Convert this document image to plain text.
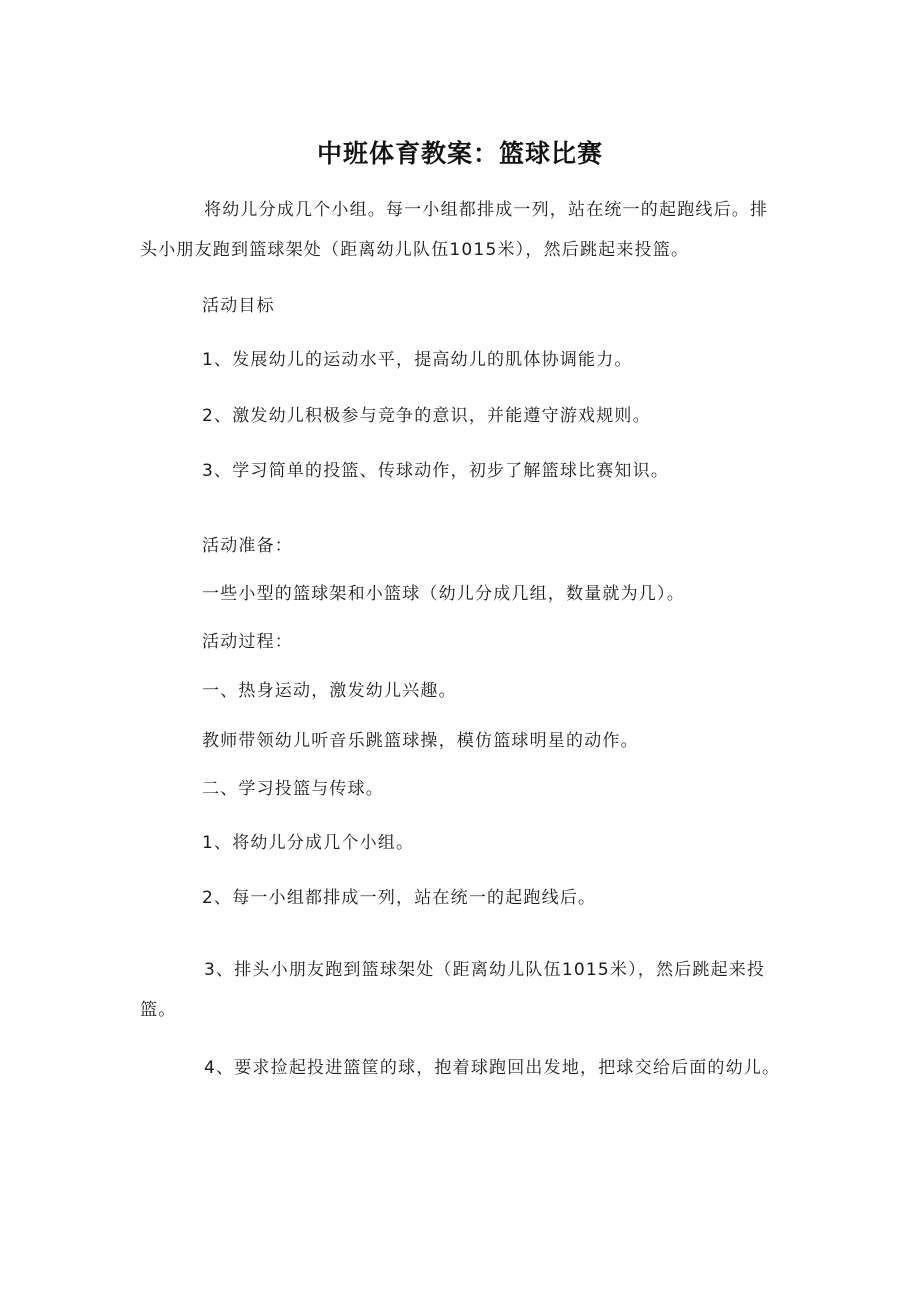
中班体育教案：篮球比赛

将幼儿分成几个小组。每一小组都排成一列，站在统一的起跑线后。排头小朋友跑到篮球架处（距离幼儿队伍1015米），然后跳起来投篮。

活动目标

1、发展幼儿的运动水平，提高幼儿的肌体协调能力。

2、激发幼儿积极参与竞争的意识，并能遵守游戏规则。

3、学习简单的投篮、传球动作，初步了解篮球比赛知识。

活动准备：

一些小型的篮球架和小篮球（幼儿分成几组，数量就为几）。

活动过程：

一、热身运动，激发幼儿兴趣。

教师带领幼儿听音乐跳篮球操，模仿篮球明星的动作。

二、学习投篮与传球。

1、将幼儿分成几个小组。

2、每一小组都排成一列，站在统一的起跑线后。

3、排头小朋友跑到篮球架处（距离幼儿队伍1015米），然后跳起来投篮。

4、要求捡起投进篮筐的球，抱着球跑回出发地，把球交给后面的幼儿。
